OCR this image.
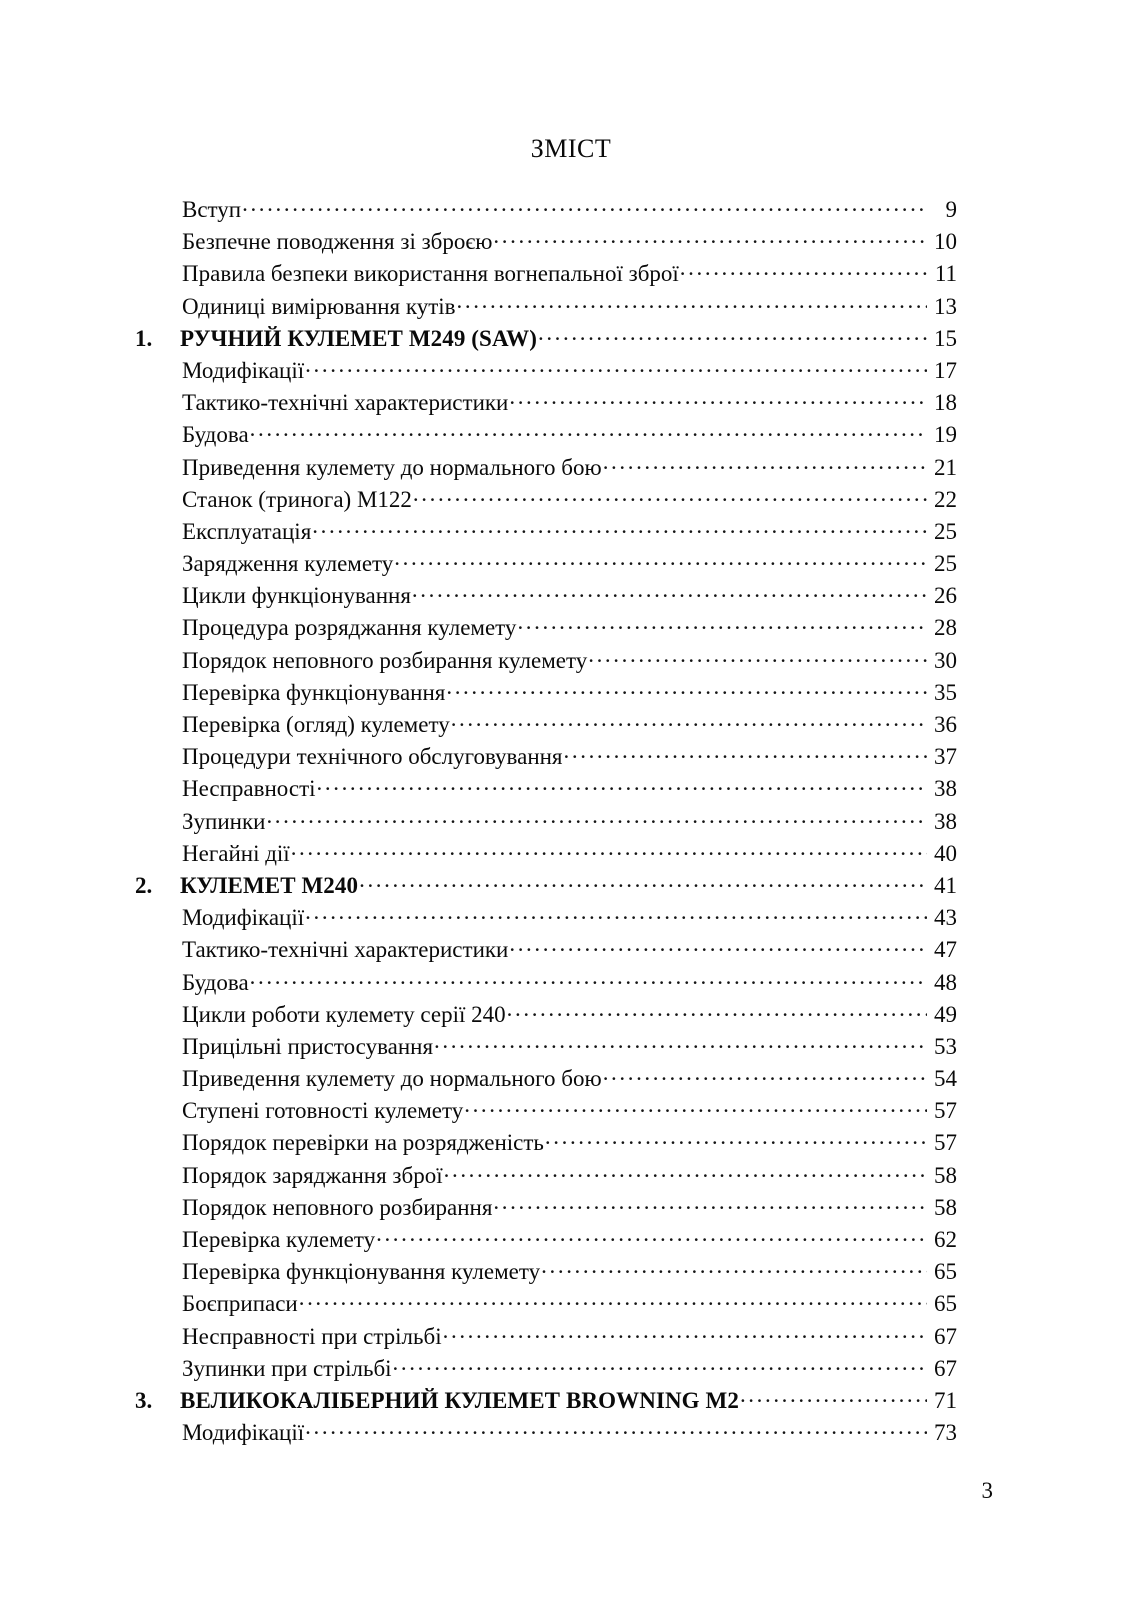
ЗМІСТ
Вступ .....	9
Безпечне поводження зі зброєю .....	10
Правила безпеки використання вогнепальної зброї .....	11
Одиниці вимірювання кутів .....	13
1.	РУЧНИЙ КУЛЕМЕТ M249 (SAW) .....	15
Модифікації .....	17
Тактико-технічні характеристики .....	18
Будова .....	19
Приведення кулемету до нормального бою .....	21
Станок (тринога) M122 .....	22
Експлуатація .....	25
Зарядження кулемету .....	25
Цикли функціонування .....	26
Процедура розряджання кулемету .....	28
Порядок неповного розбирання кулемету .....	30
Перевірка функціонування .....	35
Перевірка (огляд) кулемету .....	36
Процедури технічного обслуговування .....	37
Несправності .....	38
Зупинки .....	38
Негайні дії .....	40
2.	КУЛЕМЕТ M240 .....	41
Модифікації .....	43
Тактико-технічні характеристики .....	47
Будова .....	48
Цикли роботи кулемету серії 240 .....	49
Прицільні пристосування .....	53
Приведення кулемету до нормального бою .....	54
Ступені готовності кулемету .....	57
Порядок перевірки на розрядженість .....	57
Порядок заряджання зброї .....	58
Порядок неповного розбирання .....	58
Перевірка кулемету .....	62
Перевірка функціонування кулемету .....	65
Боєприпаси .....	65
Несправності при стрільбі .....	67
Зупинки при стрільбі .....	67
3.	ВЕЛИКОКАЛІБЕРНИЙ КУЛЕМЕТ BROWNING M2 .....	71
Модифікації .....	73
3
